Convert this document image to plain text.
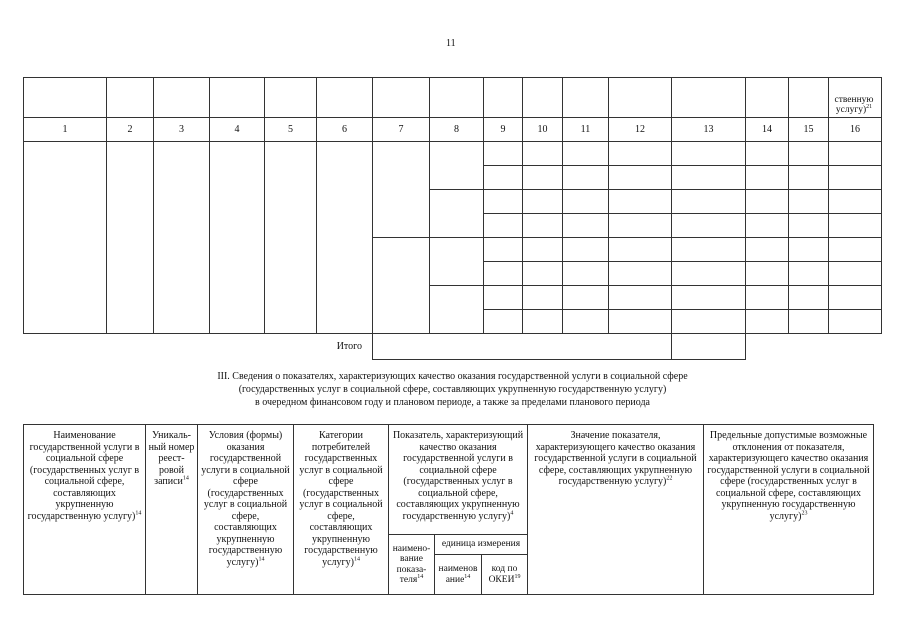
11
															ственную услугу)$^{21}$
1	2	3	4	5	6	7	8	9	10	11	12	13	14	15	16

Итого															
III. Сведения о показателях, характеризующих качество оказания государственной услуги в социальной сфере
(государственных услуг в социальной сфере, составляющих укрупненную государственную услугу)
в очередном финансовом году и плановом периоде, а также за пределами планового периода
Наименование государственной услуги в социальной сфере (государственных услуг в социальной сфере, составляющих укрупненную государственную услугу)$^{14}$	Уникаль-ный номер реест-ровой записи$^{14}$	Условия (формы) оказания государственной услуги в социальной сфере (государственных услуг в социальной сфере, составляющих укрупненную государственную услугу)$^{14}$	Категории потребителей государственных услуг в социальной сфере (государственных услуг в социальной сфере, составляющих укрупненную государственную услугу)$^{14}$	Показатель, характеризующий качество оказания государственной услуги в социальной сфере (государственных услуг в социальной сфере, составляющих укрупненную государственную услугу)$^4$			Значение показателя, характеризующего качество оказания государственной услуги в социальной сфере, составляющих укрупненную государственную услугу)$^{22}$	Предельные допустимые возможные отклонения от показателя, характеризующего качество оказания государственной услуги в социальной сфере (государственных услуг в социальной сфере, составляющих укрупненную государственную услугу)$^{23}$
				наимено-вание показа-теля$^{14}$	единица измерения			
					наименов ание$^{14}$	код по ОКЕИ$^{19}$
